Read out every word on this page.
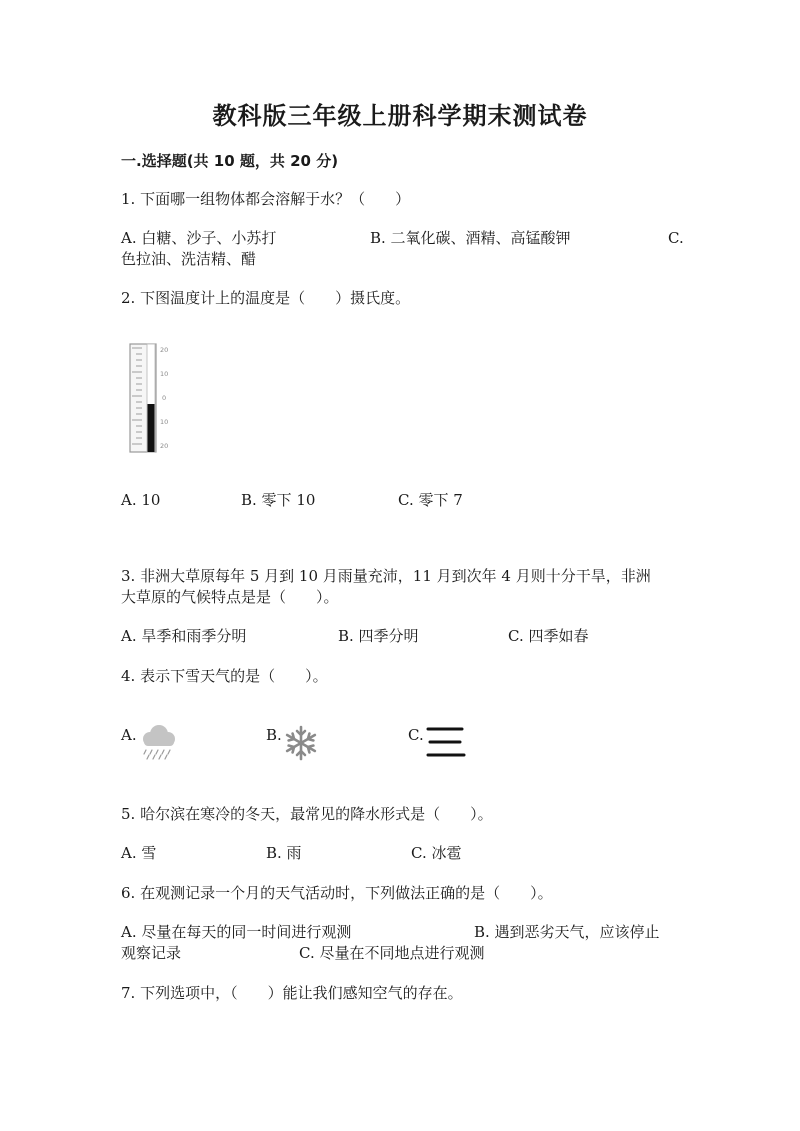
教科版三年级上册科学期末测试卷
一.选择题(共 10 题，共 20 分)
1. 下面哪一组物体都会溶解于水？（　　）
A. 白糖、沙子、小苏打	B. 二氧化碳、酒精、高锰酸钾	C.
色拉油、洗洁精、醋
2. 下图温度计上的温度是（　　）摄氏度。
20
10
0
10
20
A. 10	B. 零下 10	C. 零下 7
3. 非洲大草原每年 5 月到 10 月雨量充沛，11 月到次年 4 月则十分干旱，非洲
大草原的气候特点是是（　　）。
A. 旱季和雨季分明	B. 四季分明	C. 四季如春
4. 表示下雪天气的是（　　）。
A.	B.	C.
5. 哈尔滨在寒冷的冬天，最常见的降水形式是（　　）。
A. 雪	B. 雨	C. 冰雹
6. 在观测记录一个月的天气活动时，下列做法正确的是（　　）。
A. 尽量在每天的同一时间进行观测	B. 遇到恶劣天气，应该停止
观察记录	C. 尽量在不同地点进行观测
7. 下列选项中，（　　）能让我们感知空气的存在。
